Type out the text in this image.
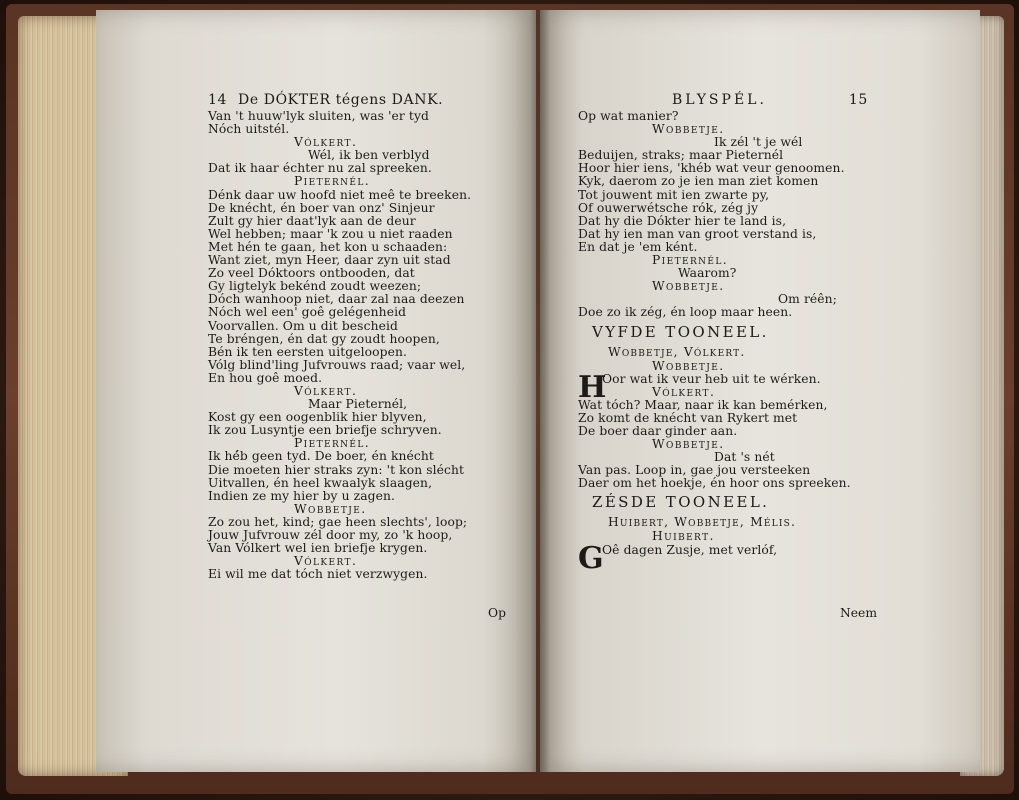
14 De DÓKTER tégens DANK.
Van 't huuw'lyk sluiten, was 'er tyd
Nóch uitstél.
Vólkert.
Wél, ik ben verblyd
Dat ik haar échter nu zal spreeken.
Pieternél.
Dénk daar uw hoofd niet meê te breeken.
De knécht, én boer van onz' Sinjeur
Zult gy hier daat'lyk aan de deur
Wel hebben; maar 'k zou u niet raaden
Met hén te gaan, het kon u schaaden:
Want ziet, myn Heer, daar zyn uit stad
Zo veel Dóktoors ontbooden, dat
Gy ligtelyk bekénd zoudt weezen;
Dóch wanhoop niet, daar zal naa deezen
Nóch wel een' goê gelégenheid
Voorvallen. Om u dit bescheid
Te bréngen, én dat gy zoudt hoopen,
Bén ik ten eersten uitgeloopen.
Vólg blind'ling Jufvrouws raad; vaar wel,
En hou goê moed.
Vólkert.
Maar Pieternél,
Kost gy een oogenblik hier blyven,
Ik zou Lusyntje een briefje schryven.
Pieternél.
Ik hé́b geen tyd. De boer, én knécht
Die moeten hier straks zyn: 't kon slécht
Uitvallen, én heel kwaalyk slaagen,
Indien ze my hier by u zagen.
Wobbetje.
Zo zou het, kind; gae heen slechts', loop;
Jouw Jufvrouw zél door my, zo 'k hoop,
Van Vólkert wel ien briefje krygen.
Vólkert.
Ei wil me dat tóch niet verzwygen.
Op
BLYSPÉL.	15
Op wat manier?
Wobbetje.
Ik zél 't je wél
Beduijen, straks; maar Pieternél
Hoor hier iens, 'khéb wat veur genoomen.
Kyk, daerom zo je ien man ziet komen
Tot jouwent mit ien zwarte py,
Of ouwerwétsche rók, zég jy
Dat hy die Dókter hier te land is,
Dat hy ien man van groot verstand is,
En dat je 'em ként.
Pieternél.
Waarom?
Wobbetje.
Om réên;
Doe zo ik zég, én loop maar heen.
VYFDE TOONEEL.
Wobbetje, Vólkert.
Wobbetje.
H
Oor wat ik veur heb uit te wérken.
Vólkert.
Wat tóch? Maar, naar ik kan bemérken,
Zo komt de knécht van Rykert met
De boer daar ginder aan.
Wobbetje.
Dat 's nét
Van pas. Loop in, gae jou versteeken
Daer om het hoekje, én hoor ons spreeken.
ZÉSDE TOONEEL.
Huibert, Wobbetje, Mélis.
Huibert.
G
Oê dagen Zusje, met verlóf,
Neem
